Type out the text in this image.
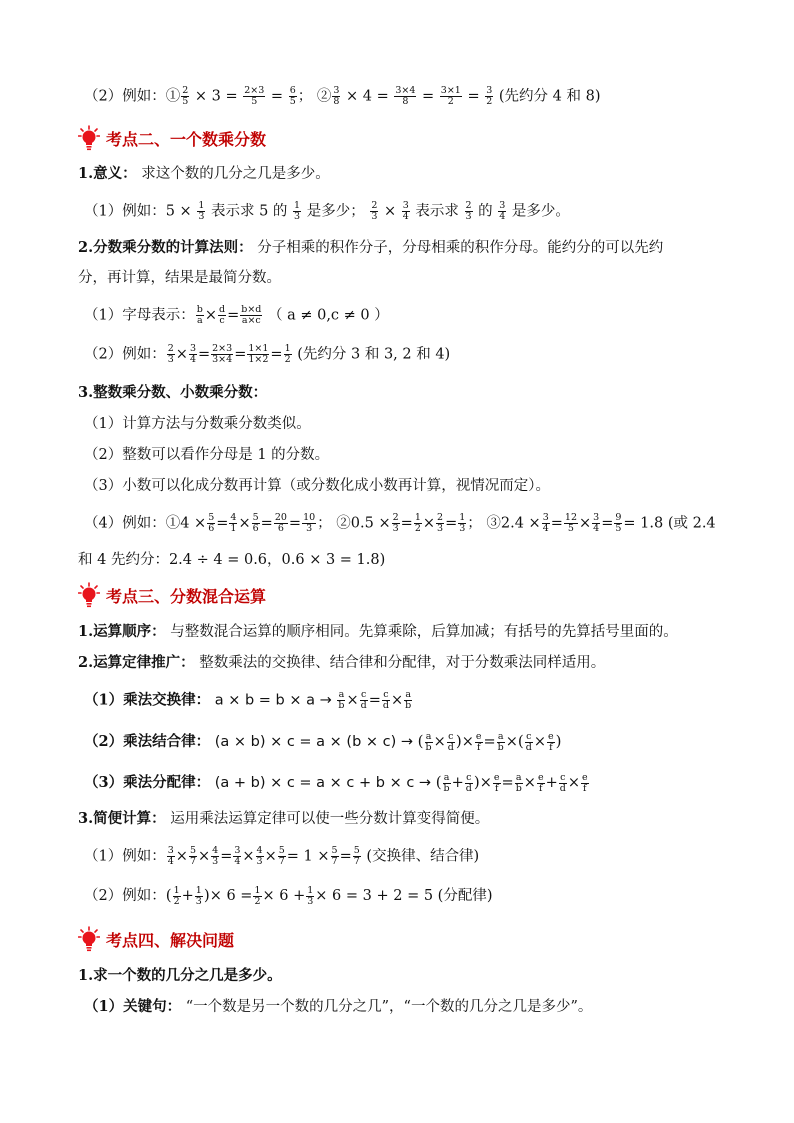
（2）例如：① $\frac{2}{5} \times 3 = \frac{2\times 3}{5} = \frac{6}{5}$ ； ② $\frac{3}{8} \times 4 = \frac{3\times 4}{8} = \frac{3\times 1}{2} = \frac{3}{2}$ (先约分 4 和 8)
考点二、一个数乘分数
1.意义： 求这个数的几分之几是多少。
（1）例如：$5 \times \frac{1}{3}$ 表示求 5 的 $\frac{1}{3}$ 是多少； $\frac{2}{3} \times \frac{3}{4}$ 表示求 $\frac{2}{3}$ 的 $\frac{3}{4}$ 是多少。
2.分数乘分数的计算法则： 分子相乘的积作分子，分母相乘的积作分母。能约分的可以先约
分，再计算，结果是最简分数。
（1）字母表示： $\frac{b}{a} \times \frac{d}{c} = \frac{b\times d}{a\times c}$ （ a ≠ 0,c ≠ 0 ）
（2）例如： $\frac{2}{3} \times \frac{3}{4} = \frac{2\times 3}{3\times 4} = \frac{1\times 1}{1\times 2} = \frac{1}{2}$ (先约分 3 和 3, 2 和 4)
3.整数乘分数、小数乘分数：
（1）计算方法与分数乘分数类似。
（2）整数可以看作分母是 1 的分数。
（3）小数可以化成分数再计算（或分数化成小数再计算，视情况而定）。
（4）例如：①4 × $\frac{5}{6} = \frac{4}{1} \times \frac{5}{6} = \frac{20}{6} = \frac{10}{3}$ ； ②0.5 × $\frac{2}{3} = \frac{1}{2} \times \frac{2}{3} = \frac{1}{3}$ ； ③2.4 × $\frac{3}{4} = \frac{12}{5} \times \frac{3}{4} = \frac{9}{5} = 1.8$ (或 2.4
和 4 先约分：2.4 ÷ 4 = 0.6，0.6 × 3 = 1.8)
考点三、分数混合运算
1.运算顺序： 与整数混合运算的顺序相同。先算乘除，后算加减；有括号的先算括号里面的。
2.运算定律推广： 整数乘法的交换律、结合律和分配律，对于分数乘法同样适用。
（1）乘法交换律： $a \times b = b \times a \to \frac{a}{b} \times \frac{c}{d} = \frac{c}{d} \times \frac{a}{b}$
（2）乘法结合律： (a × b) × c = a × (b × c) → ( $\frac{a}{b} \times \frac{c}{d}$ )× $\frac{e}{f} = \frac{a}{b}$ ×( $\frac{c}{d} \times \frac{e}{f}$ )
（3）乘法分配律： (a + b) × c = a × c + b × c → ( $\frac{a}{b} + \frac{c}{d}$ )× $\frac{e}{f} = \frac{a}{b} \times \frac{e}{f} + \frac{c}{d} \times \frac{e}{f}$
3.简便计算： 运用乘法运算定律可以使一些分数计算变得简便。
（1）例如： $\frac{3}{4} \times \frac{5}{7} \times \frac{4}{3} = \frac{3}{4} \times \frac{4}{3} \times \frac{5}{7} = 1 \times \frac{5}{7} = \frac{5}{7}$ (交换律、结合律)
（2）例如：( $\frac{1}{2} + \frac{1}{3}$ )× $6 = \frac{1}{2} \times 6 + \frac{1}{3} \times 6 = 3 + 2 = 5$ (分配律)
考点四、解决问题
1.求一个数的几分之几是多少。
（1）关键句： “一个数是另一个数的几分之几”，“一个数的几分之几是多少”。
